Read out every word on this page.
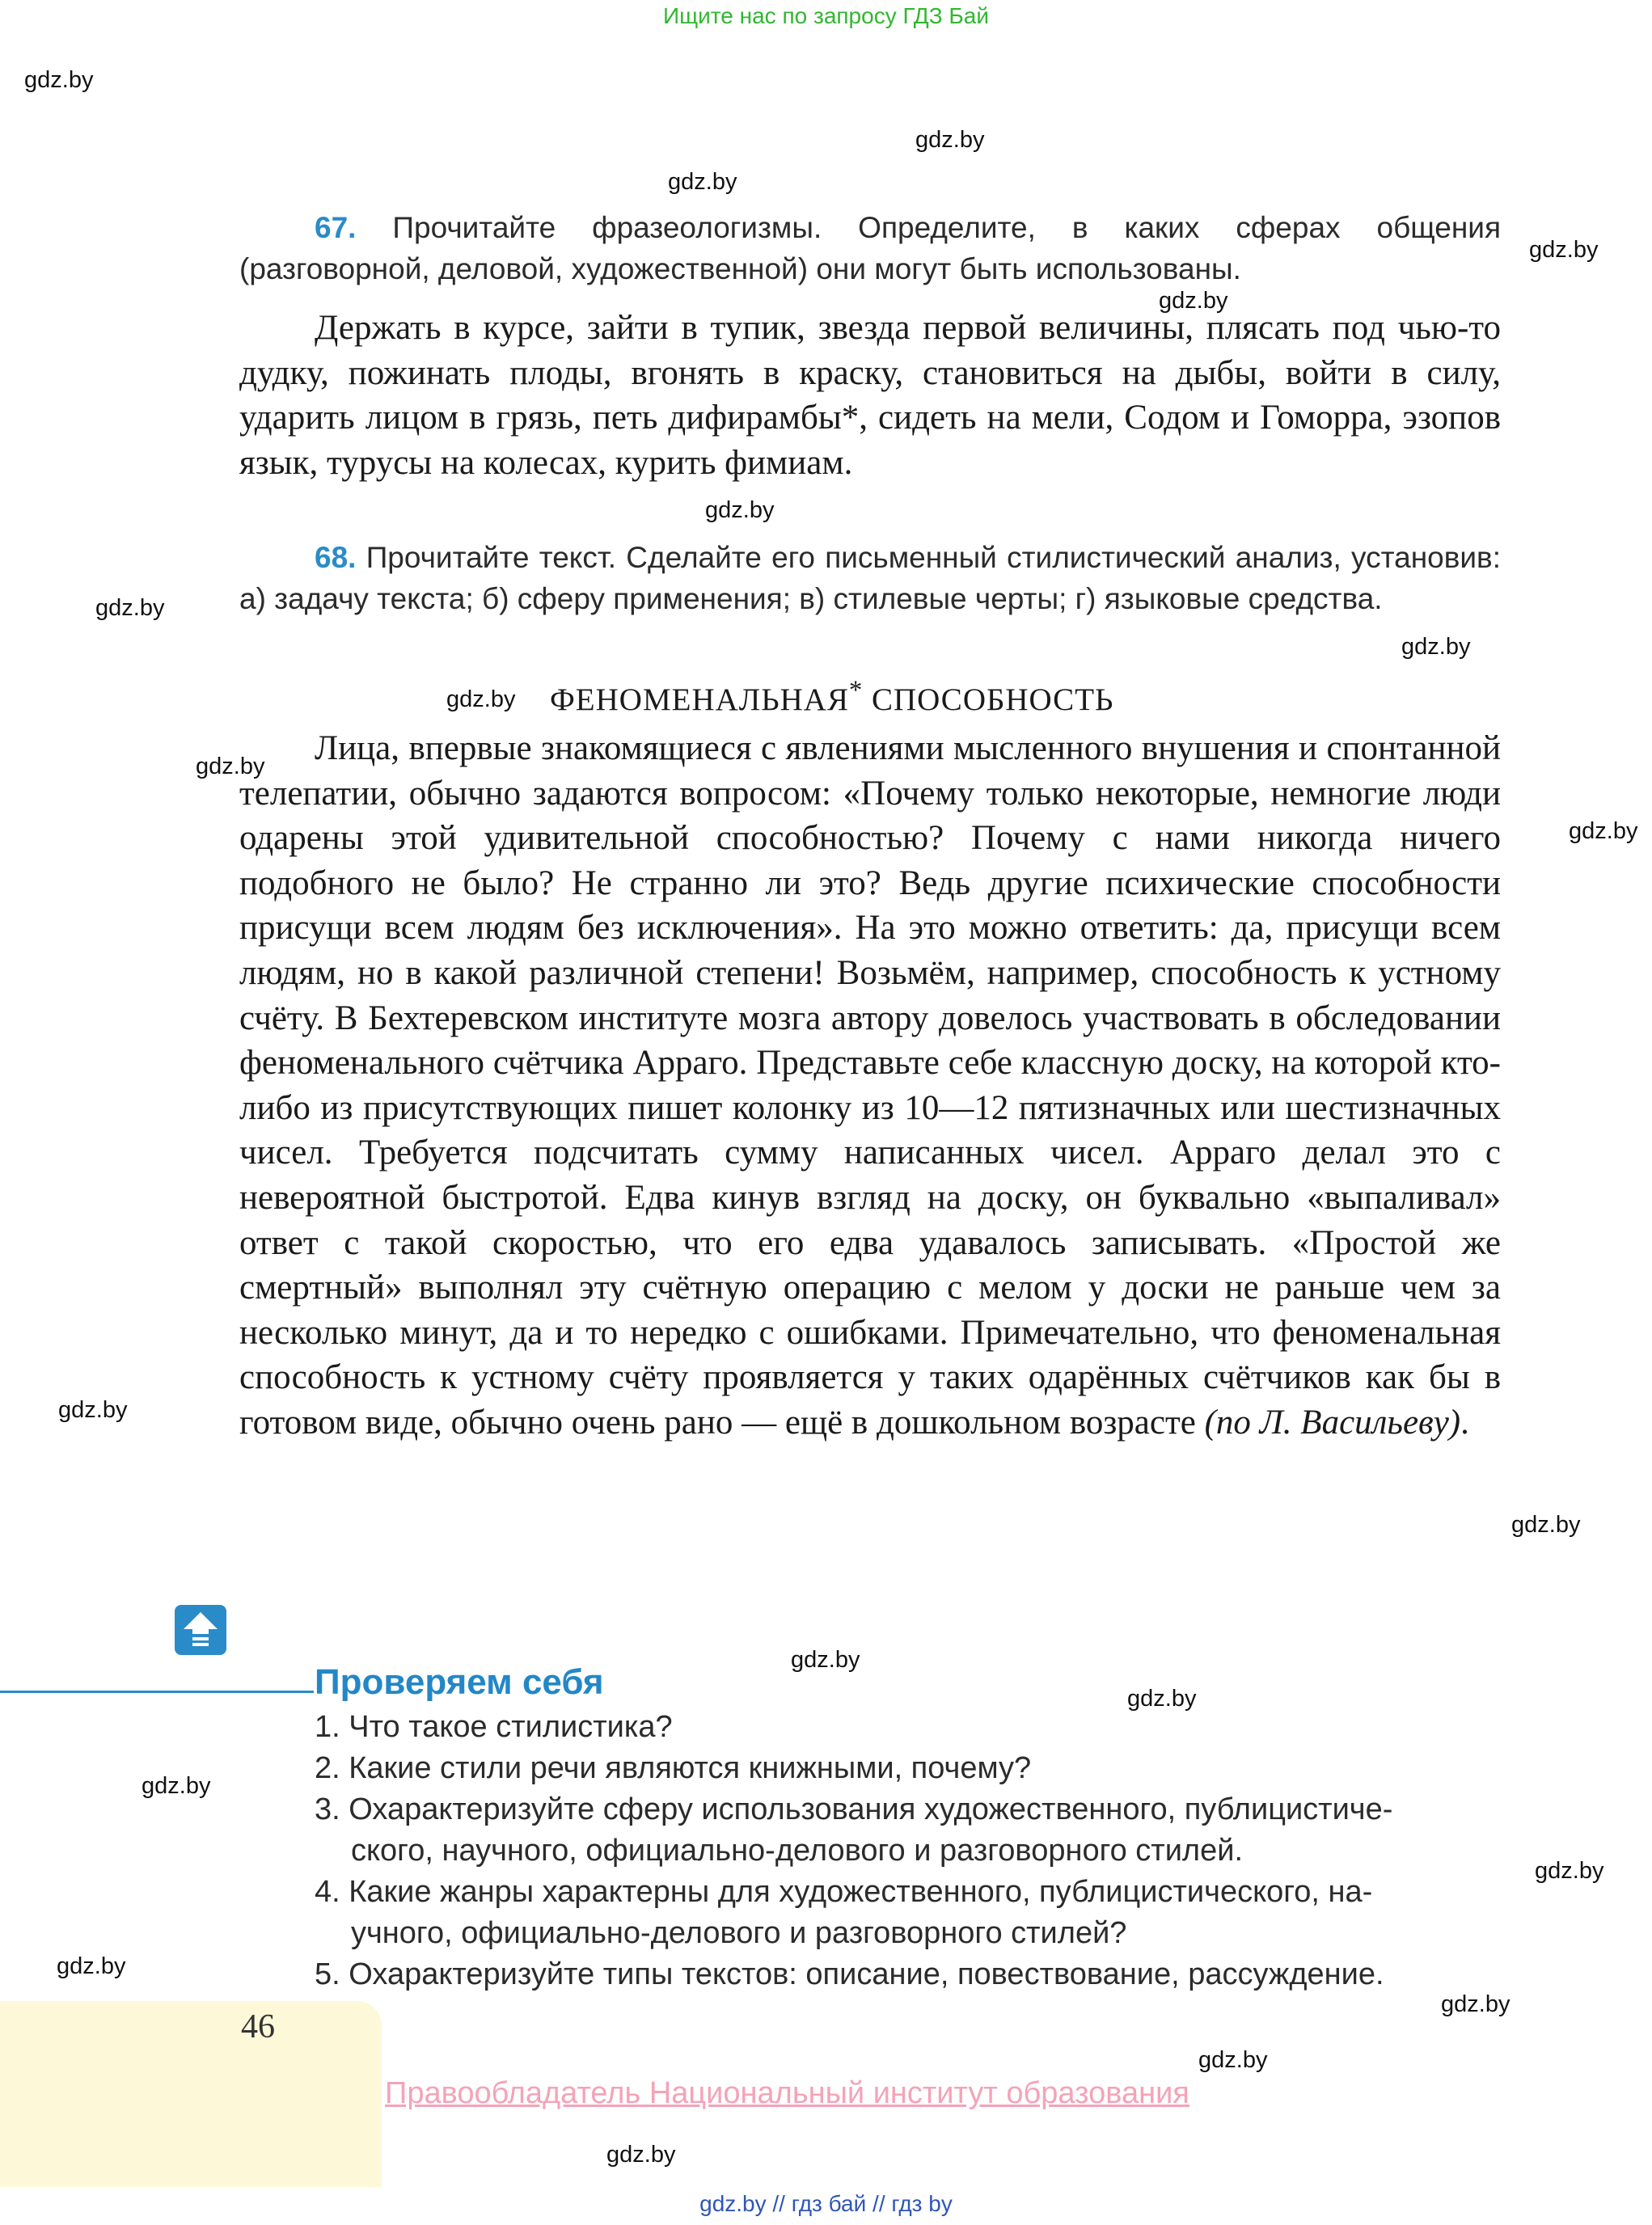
Ищите нас по запросу ГДЗ Бай
gdz.by
gdz.by
gdz.by
gdz.by
gdz.by
gdz.by
gdz.by
gdz.by
gdz.by
gdz.by
gdz.by
gdz.by
gdz.by
gdz.by
gdz.by
gdz.by
gdz.by
gdz.by
gdz.by
gdz.by
gdz.by

67. Прочитайте фразеологизмы. Определите, в каких сферах общения (разговорной, деловой, художественной) они могут быть использованы.

Держать в курсе, зайти в тупик, звезда первой величины, плясать под чью-то дудку, пожинать плоды, вгонять в краску, становиться на дыбы, войти в силу, ударить лицом в грязь, петь дифирамбы*, сидеть на мели, Содом и Гоморра, эзопов язык, турусы на колесах, курить фимиам.

68. Прочитайте текст. Сделайте его письменный стилистический анализ, установив: а) задачу текста; б) сферу применения; в) стилевые черты; г) языковые средства.

ФЕНОМЕНАЛЬНАЯ* СПОСОБНОСТЬ

Лица, впервые знакомящиеся с явлениями мысленного внушения и спонтанной телепатии, обычно задаются вопросом: «Почему только некоторые, немногие люди одарены этой удивительной способностью? Почему с нами никогда ничего подобного не было? Не странно ли это? Ведь другие психические способности присущи всем людям без исключения». На это можно ответить: да, присущи всем людям, но в какой различной степени! Возьмём, например, способность к устному счёту. В Бехтеревском институте мозга автору довелось участвовать в обследовании феноменального счётчика Арраго. Представьте себе классную доску, на которой кто-либо из присутствующих пишет колонку из 10—12 пятизначных или шестизначных чисел. Требуется подсчитать сумму написанных чисел. Арраго делал это с невероятной быстротой. Едва кинув взгляд на доску, он буквально «выпаливал» ответ с такой скоростью, что его едва удавалось записывать. «Простой же смертный» выполнял эту счётную операцию с мелом у доски не раньше чем за несколько минут, да и то нередко с ошибками. Примечательно, что феноменальная способность к устному счёту проявляется у таких одарённых счётчиков как бы в готовом виде, обычно очень рано — ещё в дошкольном возрасте (по Л. Васильеву).

Проверяем себя
1. Что такое стилистика?
2. Какие стили речи являются книжными, почему?
3. Охарактеризуйте сферу использования художественного, публицистиче-
ского, научного, официально-делового и разговорного стилей.
4. Какие жанры характерны для художественного, публицистического, на-
учного, официально-делового и разговорного стилей?
5. Охарактеризуйте типы текстов: описание, повествование, рассуждение.
46
Правообладатель Национальный институт образования
gdz.by // гдз бай // гдз by
